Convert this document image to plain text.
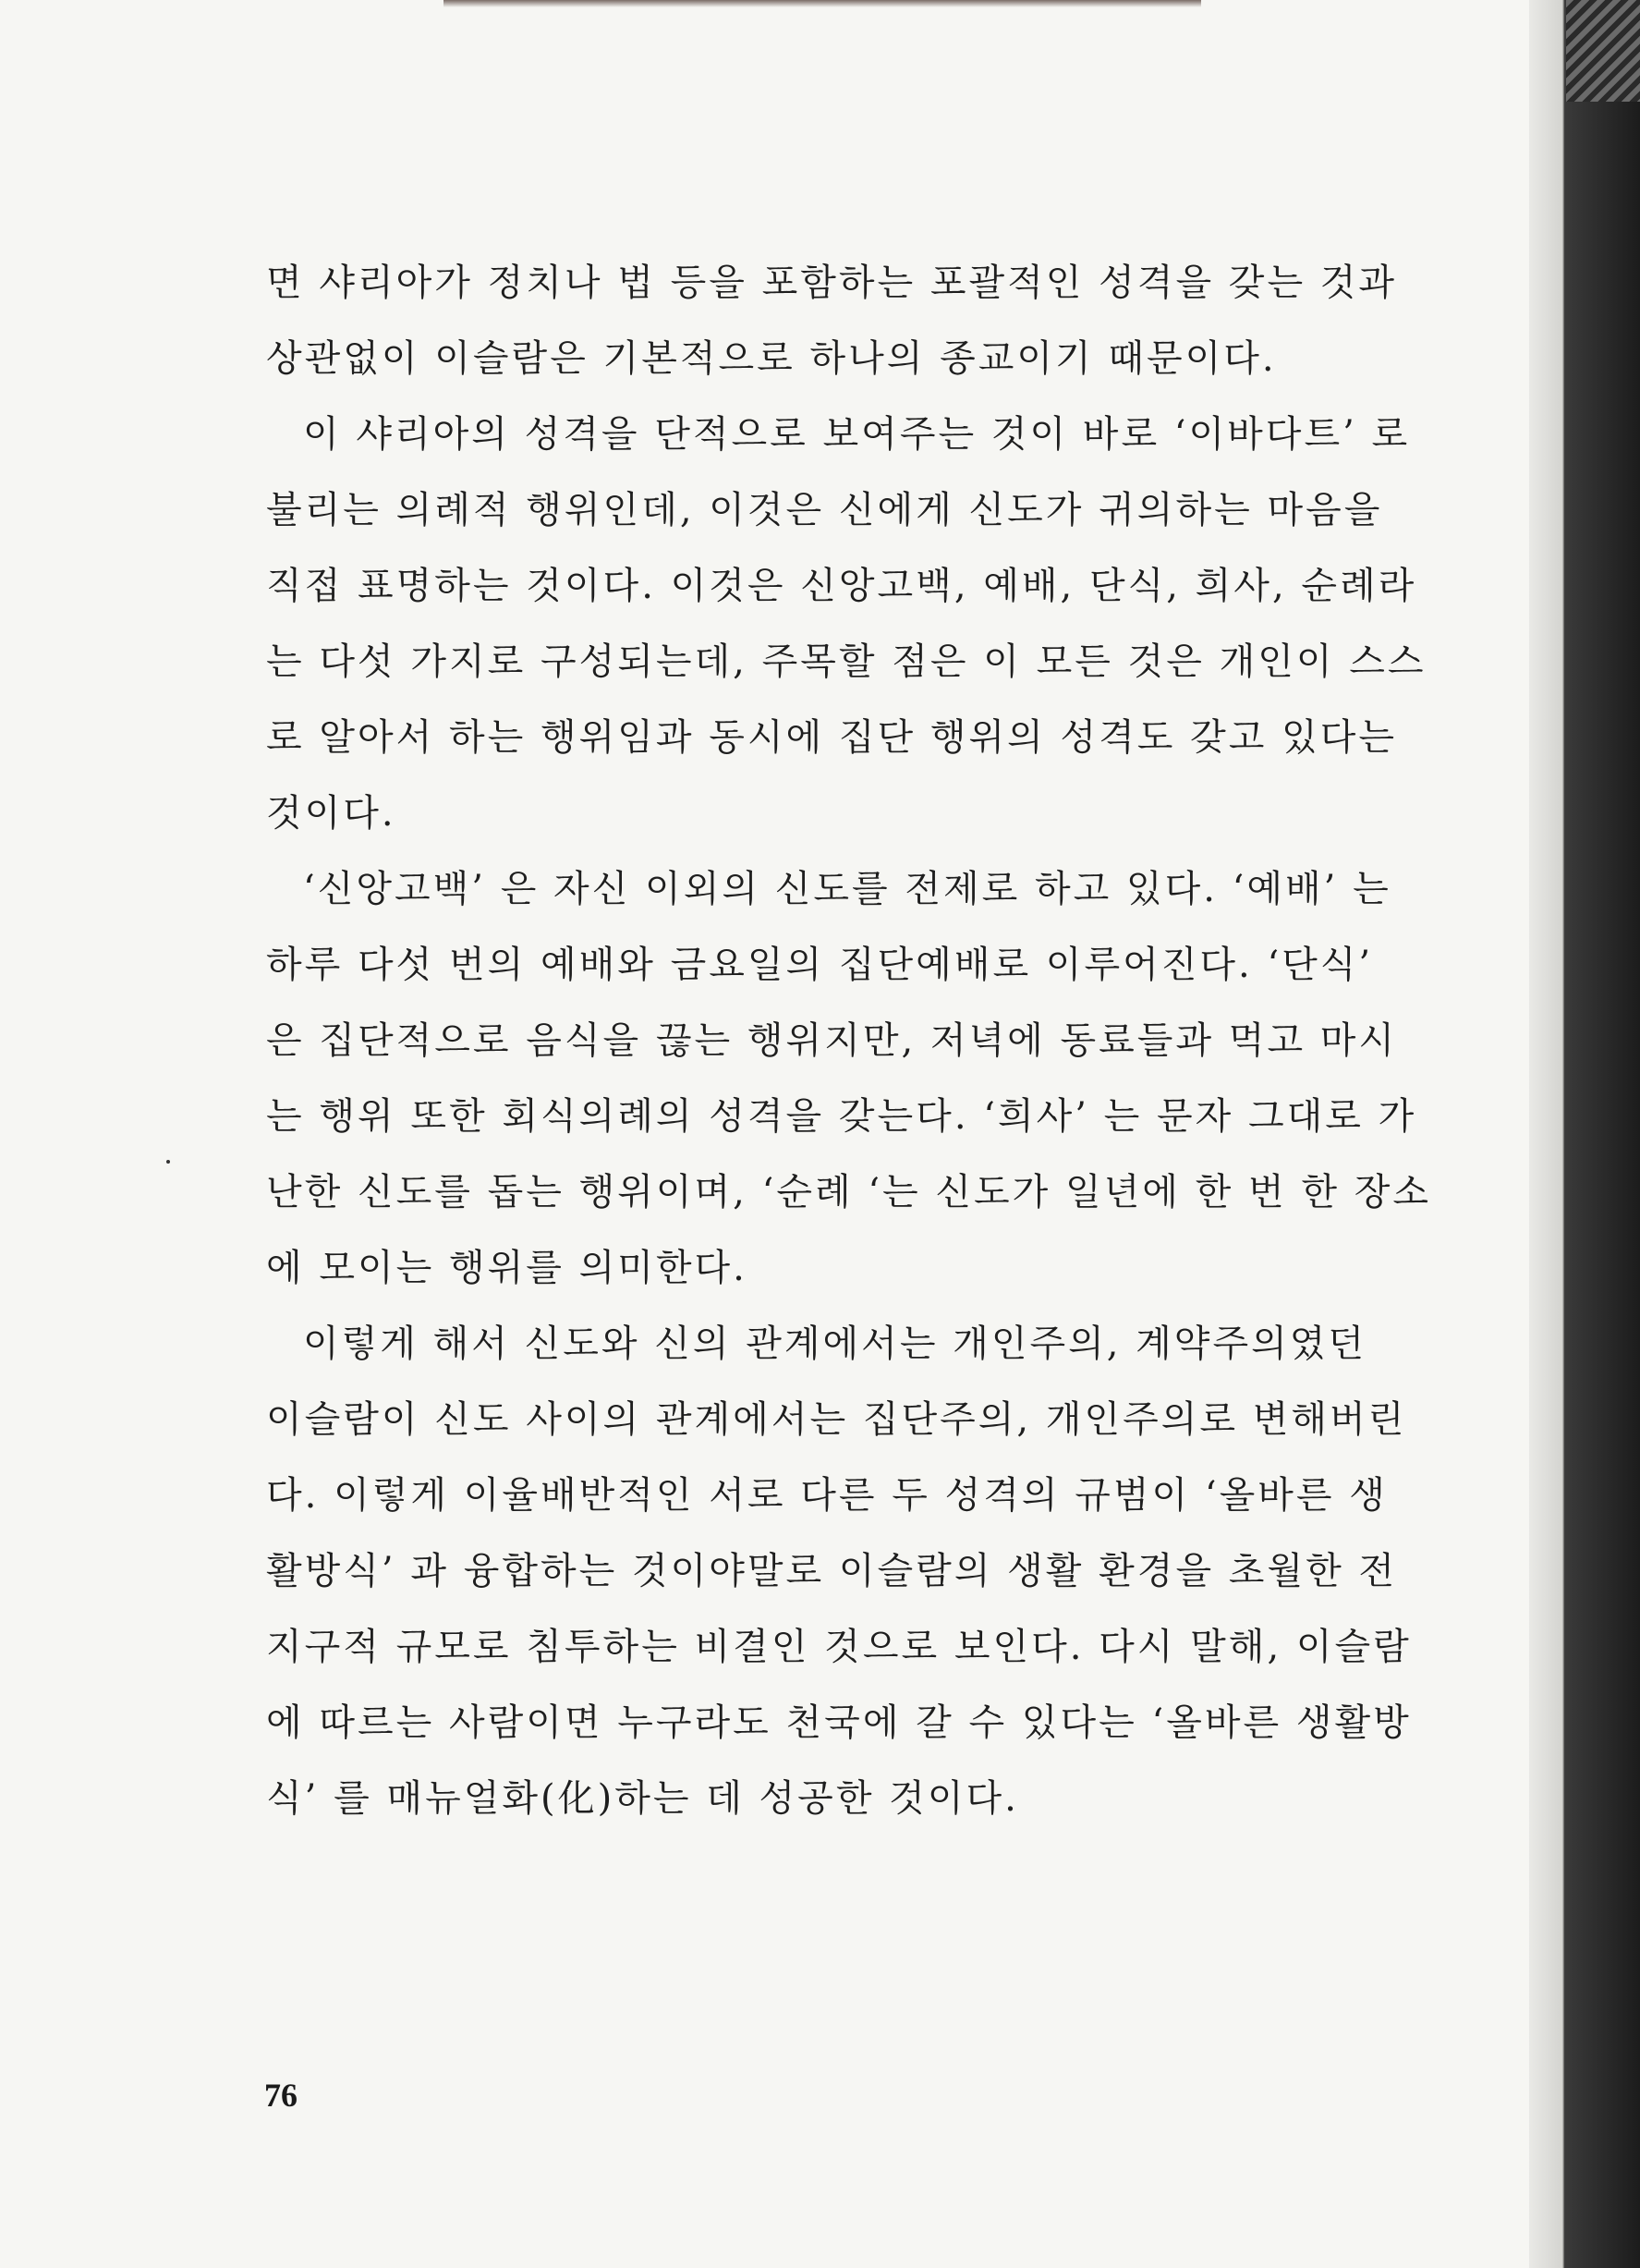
면 샤리아가 정치나 법 등을 포함하는 포괄적인 성격을 갖는 것과
상관없이 이슬람은 기본적으로 하나의 종교이기 때문이다.

이 샤리아의 성격을 단적으로 보여주는 것이 바로 ‘이바다트’ 로
불리는 의례적 행위인데, 이것은 신에게 신도가 귀의하는 마음을
직접 표명하는 것이다. 이것은 신앙고백, 예배, 단식, 희사, 순례라
는 다섯 가지로 구성되는데, 주목할 점은 이 모든 것은 개인이 스스
로 알아서 하는 행위임과 동시에 집단 행위의 성격도 갖고 있다는
것이다.

‘신앙고백’ 은 자신 이외의 신도를 전제로 하고 있다. ‘예배’ 는
하루 다섯 번의 예배와 금요일의 집단예배로 이루어진다. ‘단식’
은 집단적으로 음식을 끊는 행위지만, 저녁에 동료들과 먹고 마시
는 행위 또한 회식의례의 성격을 갖는다. ‘희사’ 는 문자 그대로 가
난한 신도를 돕는 행위이며, ‘순례 ‘는 신도가 일년에 한 번 한 장소
에 모이는 행위를 의미한다.

이렇게 해서 신도와 신의 관계에서는 개인주의, 계약주의였던
이슬람이 신도 사이의 관계에서는 집단주의, 개인주의로 변해버린
다. 이렇게 이율배반적인 서로 다른 두 성격의 규범이 ‘올바른 생
활방식’ 과 융합하는 것이야말로 이슬람의 생활 환경을 초월한 전
지구적 규모로 침투하는 비결인 것으로 보인다. 다시 말해, 이슬람
에 따르는 사람이면 누구라도 천국에 갈 수 있다는 ‘올바른 생활방
식’ 를 매뉴얼화(化)하는 데 성공한 것이다.

76
